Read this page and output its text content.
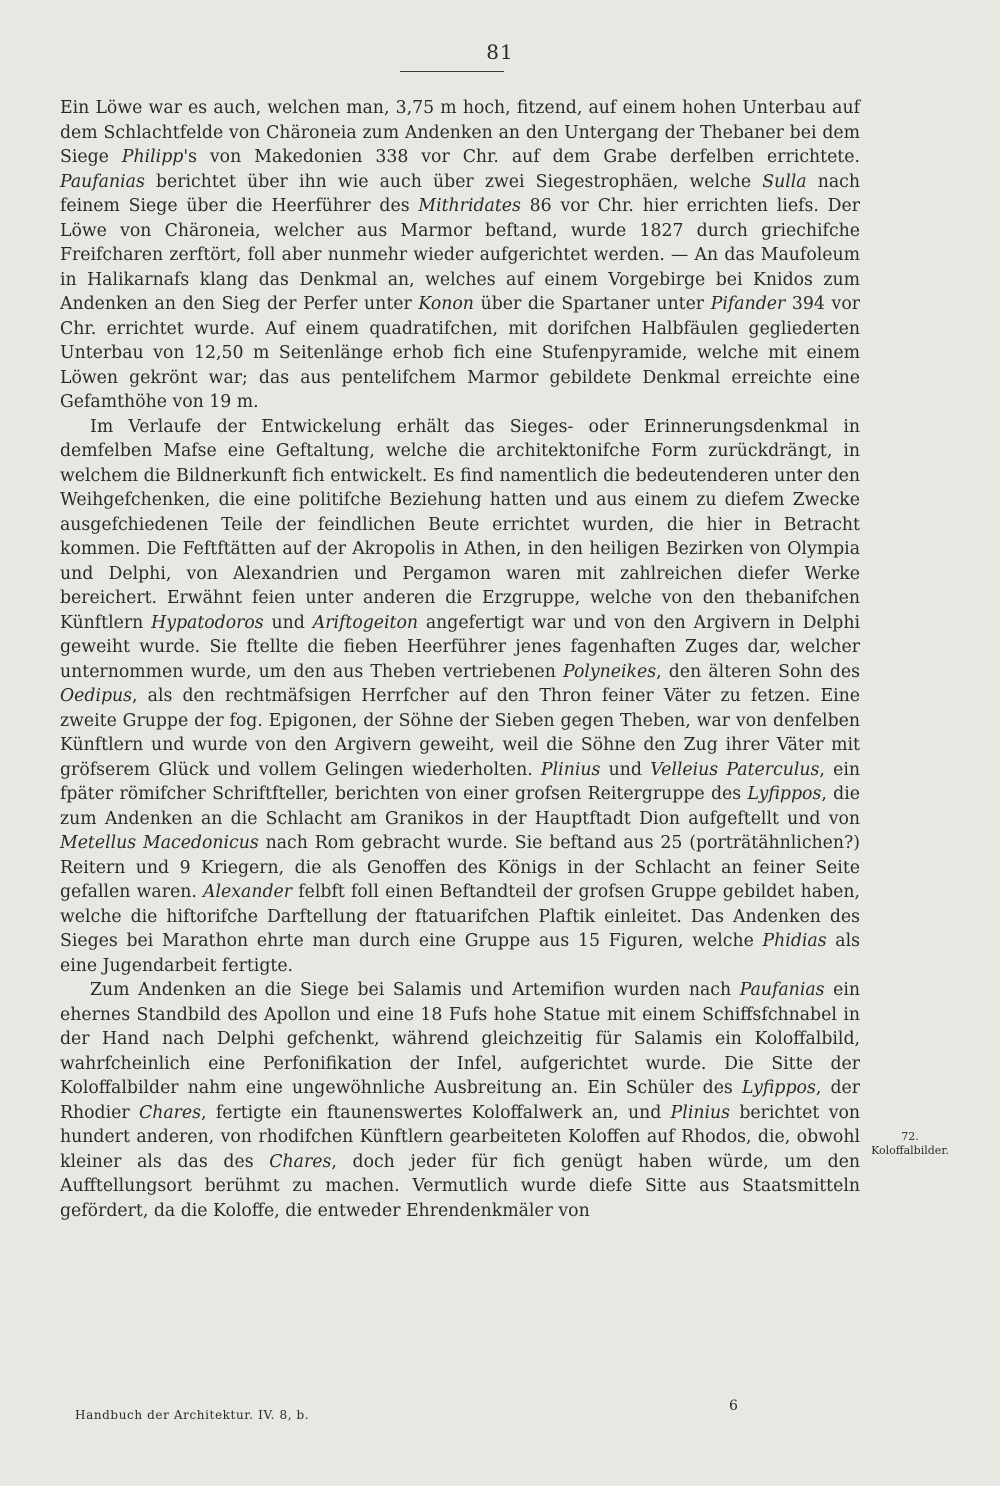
81

Ein Löwe war es auch, welchen man, 3,75 m hoch, fitzend, auf einem hohen Unterbau auf dem Schlachtfelde von Chäroneia zum Andenken an den Untergang der Thebaner bei dem Siege Philipp's von Makedonien 338 vor Chr. auf dem Grabe derfelben errichtete. Paufanias berichtet über ihn wie auch über zwei Siegestrophäen, welche Sulla nach feinem Siege über die Heerführer des Mithridates 86 vor Chr. hier errichten liefs. Der Löwe von Chäroneia, welcher aus Marmor beftand, wurde 1827 durch griechifche Freifcharen zerftört, foll aber nunmehr wieder aufgerichtet werden. — An das Maufoleum in Halikarnafs klang das Denkmal an, welches auf einem Vorgebirge bei Knidos zum Andenken an den Sieg der Perfer unter Konon über die Spartaner unter Pifander 394 vor Chr. errichtet wurde. Auf einem quadratifchen, mit dorifchen Halbfäulen gegliederten Unterbau von 12,50 m Seitenlänge erhob fich eine Stufenpyramide, welche mit einem Löwen gekrönt war; das aus pentelifchem Marmor gebildete Denkmal erreichte eine Gefamthöhe von 19 m.

Im Verlaufe der Entwickelung erhält das Sieges- oder Erinnerungsdenkmal in demfelben Mafse eine Geftaltung, welche die architektonifche Form zurückdrängt, in welchem die Bildnerkunft fich entwickelt. Es find namentlich die bedeutenderen unter den Weihgefchenken, die eine politifche Beziehung hatten und aus einem zu diefem Zwecke ausgefchiedenen Teile der feindlichen Beute errichtet wurden, die hier in Betracht kommen. Die Feftftätten auf der Akropolis in Athen, in den heiligen Bezirken von Olympia und Delphi, von Alexandrien und Pergamon waren mit zahlreichen diefer Werke bereichert. Erwähnt feien unter anderen die Erzgruppe, welche von den thebanifchen Künftlern Hypatodoros und Ariftogeiton angefertigt war und von den Argivern in Delphi geweiht wurde. Sie ftellte die fieben Heerführer jenes fagenhaften Zuges dar, welcher unternommen wurde, um den aus Theben vertriebenen Polyneikes, den älteren Sohn des Oedipus, als den rechtmäfsigen Herrfcher auf den Thron feiner Väter zu fetzen. Eine zweite Gruppe der fog. Epigonen, der Söhne der Sieben gegen Theben, war von denfelben Künftlern und wurde von den Argivern geweiht, weil die Söhne den Zug ihrer Väter mit gröfserem Glück und vollem Gelingen wiederholten. Plinius und Velleius Paterculus, ein fpäter römifcher Schriftfteller, berichten von einer grofsen Reitergruppe des Lyfippos, die zum Andenken an die Schlacht am Granikos in der Hauptftadt Dion aufgeftellt und von Metellus Macedonicus nach Rom gebracht wurde. Sie beftand aus 25 (porträtähnlichen?) Reitern und 9 Kriegern, die als Genoffen des Königs in der Schlacht an feiner Seite gefallen waren. Alexander felbft foll einen Beftandteil der grofsen Gruppe gebildet haben, welche die hiftorifche Darftellung der ftatuarifchen Plaftik einleitet. Das Andenken des Sieges bei Marathon ehrte man durch eine Gruppe aus 15 Figuren, welche Phidias als eine Jugendarbeit fertigte.

Zum Andenken an die Siege bei Salamis und Artemifion wurden nach Paufanias ein ehernes Standbild des Apollon und eine 18 Fufs hohe Statue mit einem Schiffsfchnabel in der Hand nach Delphi gefchenkt, während gleichzeitig für Salamis ein Koloffalbild, wahrfcheinlich eine Perfonifikation der Infel, aufgerichtet wurde. Die Sitte der Koloffalbilder nahm eine ungewöhnliche Ausbreitung an. Ein Schüler des Lyfippos, der Rhodier Chares, fertigte ein ftaunenswertes Koloffalwerk an, und Plinius berichtet von hundert anderen, von rhodifchen Künftlern gearbeiteten Koloffen auf Rhodos, die, obwohl kleiner als das des Chares, doch jeder für fich genügt haben würde, um den Aufftellungsort berühmt zu machen. Vermutlich wurde diefe Sitte aus Staatsmitteln gefördert, da die Koloffe, die entweder Ehrendenkmäler von

72.
Koloffalbilder.
Handbuch der Architektur. IV. 8, b.
6
